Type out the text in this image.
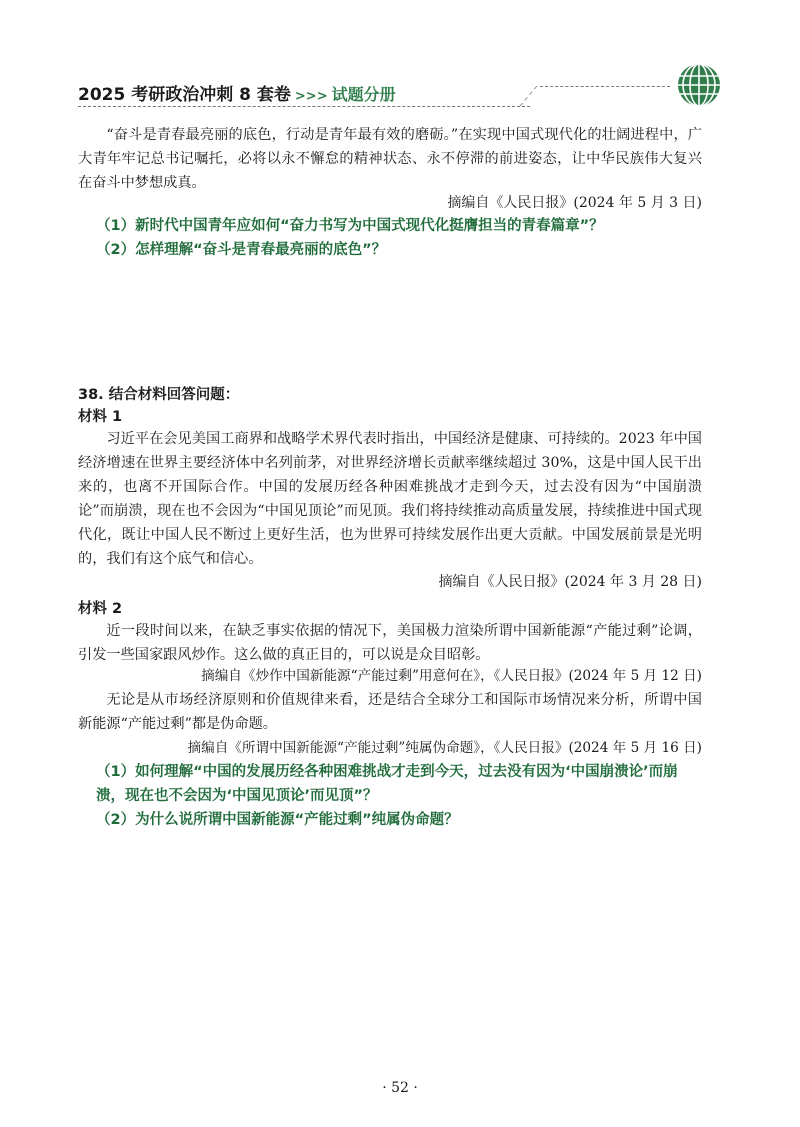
2025 考研政治冲刺 8 套卷 >>> 试题分册

“奋斗是青春最亮丽的底色，行动是青年最有效的磨砺。”在实现中国式现代化的壮阔进程中，广大青年牢记总书记嘱托，必将以永不懈怠的精神状态、永不停滞的前进姿态，让中华民族伟大复兴在奋斗中梦想成真。

摘编自《人民日报》(2024 年 5 月 3 日)
（1）新时代中国青年应如何“奋力书写为中国式现代化挺膺担当的青春篇章”？
（2）怎样理解“奋斗是青春最亮丽的底色”？
38. 结合材料回答问题：
材料 1

习近平在会见美国工商界和战略学术界代表时指出，中国经济是健康、可持续的。2023 年中国经济增速在世界主要经济体中名列前茅，对世界经济增长贡献率继续超过 30%，这是中国人民干出来的，也离不开国际合作。中国的发展历经各种困难挑战才走到今天，过去没有因为“中国崩溃论”而崩溃，现在也不会因为“中国见顶论”而见顶。我们将持续推动高质量发展，持续推进中国式现代化，既让中国人民不断过上更好生活，也为世界可持续发展作出更大贡献。中国发展前景是光明的，我们有这个底气和信心。

摘编自《人民日报》(2024 年 3 月 28 日)
材料 2

近一段时间以来，在缺乏事实依据的情况下，美国极力渲染所谓中国新能源“产能过剩”论调，引发一些国家跟风炒作。这么做的真正目的，可以说是众目昭彰。

摘编自《炒作中国新能源“产能过剩”用意何在》，《人民日报》(2024 年 5 月 12 日)

无论是从市场经济原则和价值规律来看，还是结合全球分工和国际市场情况来分析，所谓中国新能源“产能过剩”都是伪命题。

摘编自《所谓中国新能源“产能过剩”纯属伪命题》，《人民日报》(2024 年 5 月 16 日)
（1）如何理解“中国的发展历经各种困难挑战才走到今天，过去没有因为‘中国崩溃论’而崩溃，现在也不会因为‘中国见顶论’而见顶”？
（2）为什么说所谓中国新能源“产能过剩”纯属伪命题？
· 52 ·
